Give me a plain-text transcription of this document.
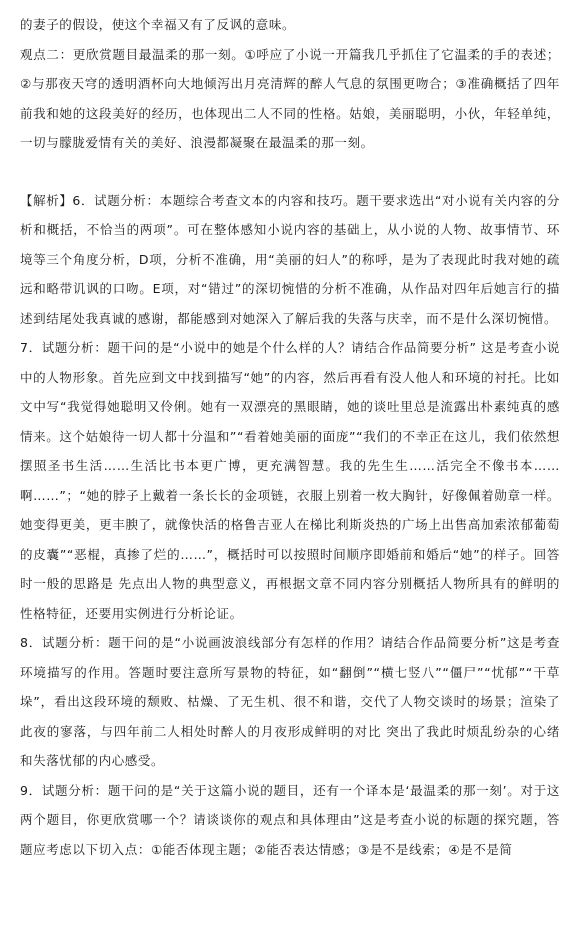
的妻子的假设，使这个幸福又有了反讽的意味。

观点二：更欣赏题目最温柔的那一刻。①呼应了小说一开篇我几乎抓住了它温柔的手的表述；②与那夜天穹的透明酒杯向大地倾泻出月亮清辉的醉人气息的氛围更吻合；③准确概括了四年前我和她的这段美好的经历，也体现出二人不同的性格。姑娘，美丽聪明，小伙，年轻单纯，一切与朦胧爱情有关的美好、浪漫都凝聚在最温柔的那一刻。

【解析】6．试题分析：本题综合考查文本的内容和技巧。题干要求选出“对小说有关内容的分析和概括，不恰当的两项”。可在整体感知小说内容的基础上，从小说的人物、故事情节、环境等三个角度分析，D项，分析不准确，用“美丽的妇人”的称呼，是为了表现此时我对她的疏远和略带讥讽的口吻。E项，对“错过”的深切惋惜的分析不准确，从作品对四年后她言行的描述到结尾处我真诚的感谢，都能感到对她深入了解后我的失落与庆幸，而不是什么深切惋惜。

7．试题分析：题干问的是“小说中的她是个什么样的人？请结合作品简要分析” 这是考查小说中的人物形象。首先应到文中找到描写“她”的内容，然后再看有没人他人和环境的衬托。比如文中写“我觉得她聪明又伶俐。她有一双漂亮的黑眼睛，她的谈吐里总是流露出朴素纯真的感情来。这个姑娘待一切人都十分温和”“看着她美丽的面庞”“我们的不幸正在这儿，我们依然想摆照圣书生活……生活比书本更广博，更充满智慧。我的先生生……活完全不像书本……啊……”；“她的脖子上戴着一条长长的金项链，衣服上别着一枚大胸针，好像佩着勋章一样。她变得更美，更丰腴了，就像快活的格鲁吉亚人在梯比利斯炎热的广场上出售高加索浓郁葡萄的皮囊”“恶棍，真掺了烂的……”，概括时可以按照时间顺序即婚前和婚后“她”的样子。回答时一般的思路是 先点出人物的典型意义，再根据文章不同内容分别概括人物所具有的鲜明的性格特征，还要用实例进行分析论证。

8．试题分析：题干问的是“小说画波浪线部分有怎样的作用？请结合作品简要分析”这是考查环境描写的作用。答题时要注意所写景物的特征，如“翻倒”“横七竖八”“僵尸”“忧郁”“干草垛”，看出这段环境的颓败、枯燥、了无生机、很不和谐，交代了人物交谈时的场景；渲染了此夜的寥落，与四年前二人相处时醉人的月夜形成鲜明的对比 突出了我此时烦乱纷杂的心绪和失落忧郁的内心感受。

9．试题分析：题干问的是“关于这篇小说的题目，还有一个译本是‘最温柔的那一刻’。对于这两个题目，你更欣赏哪一个？请谈谈你的观点和具体理由”这是考查小说的标题的探究题，答题应考虑以下切入点：①能否体现主题；②能否表达情感；③是不是线索；④是不是简
